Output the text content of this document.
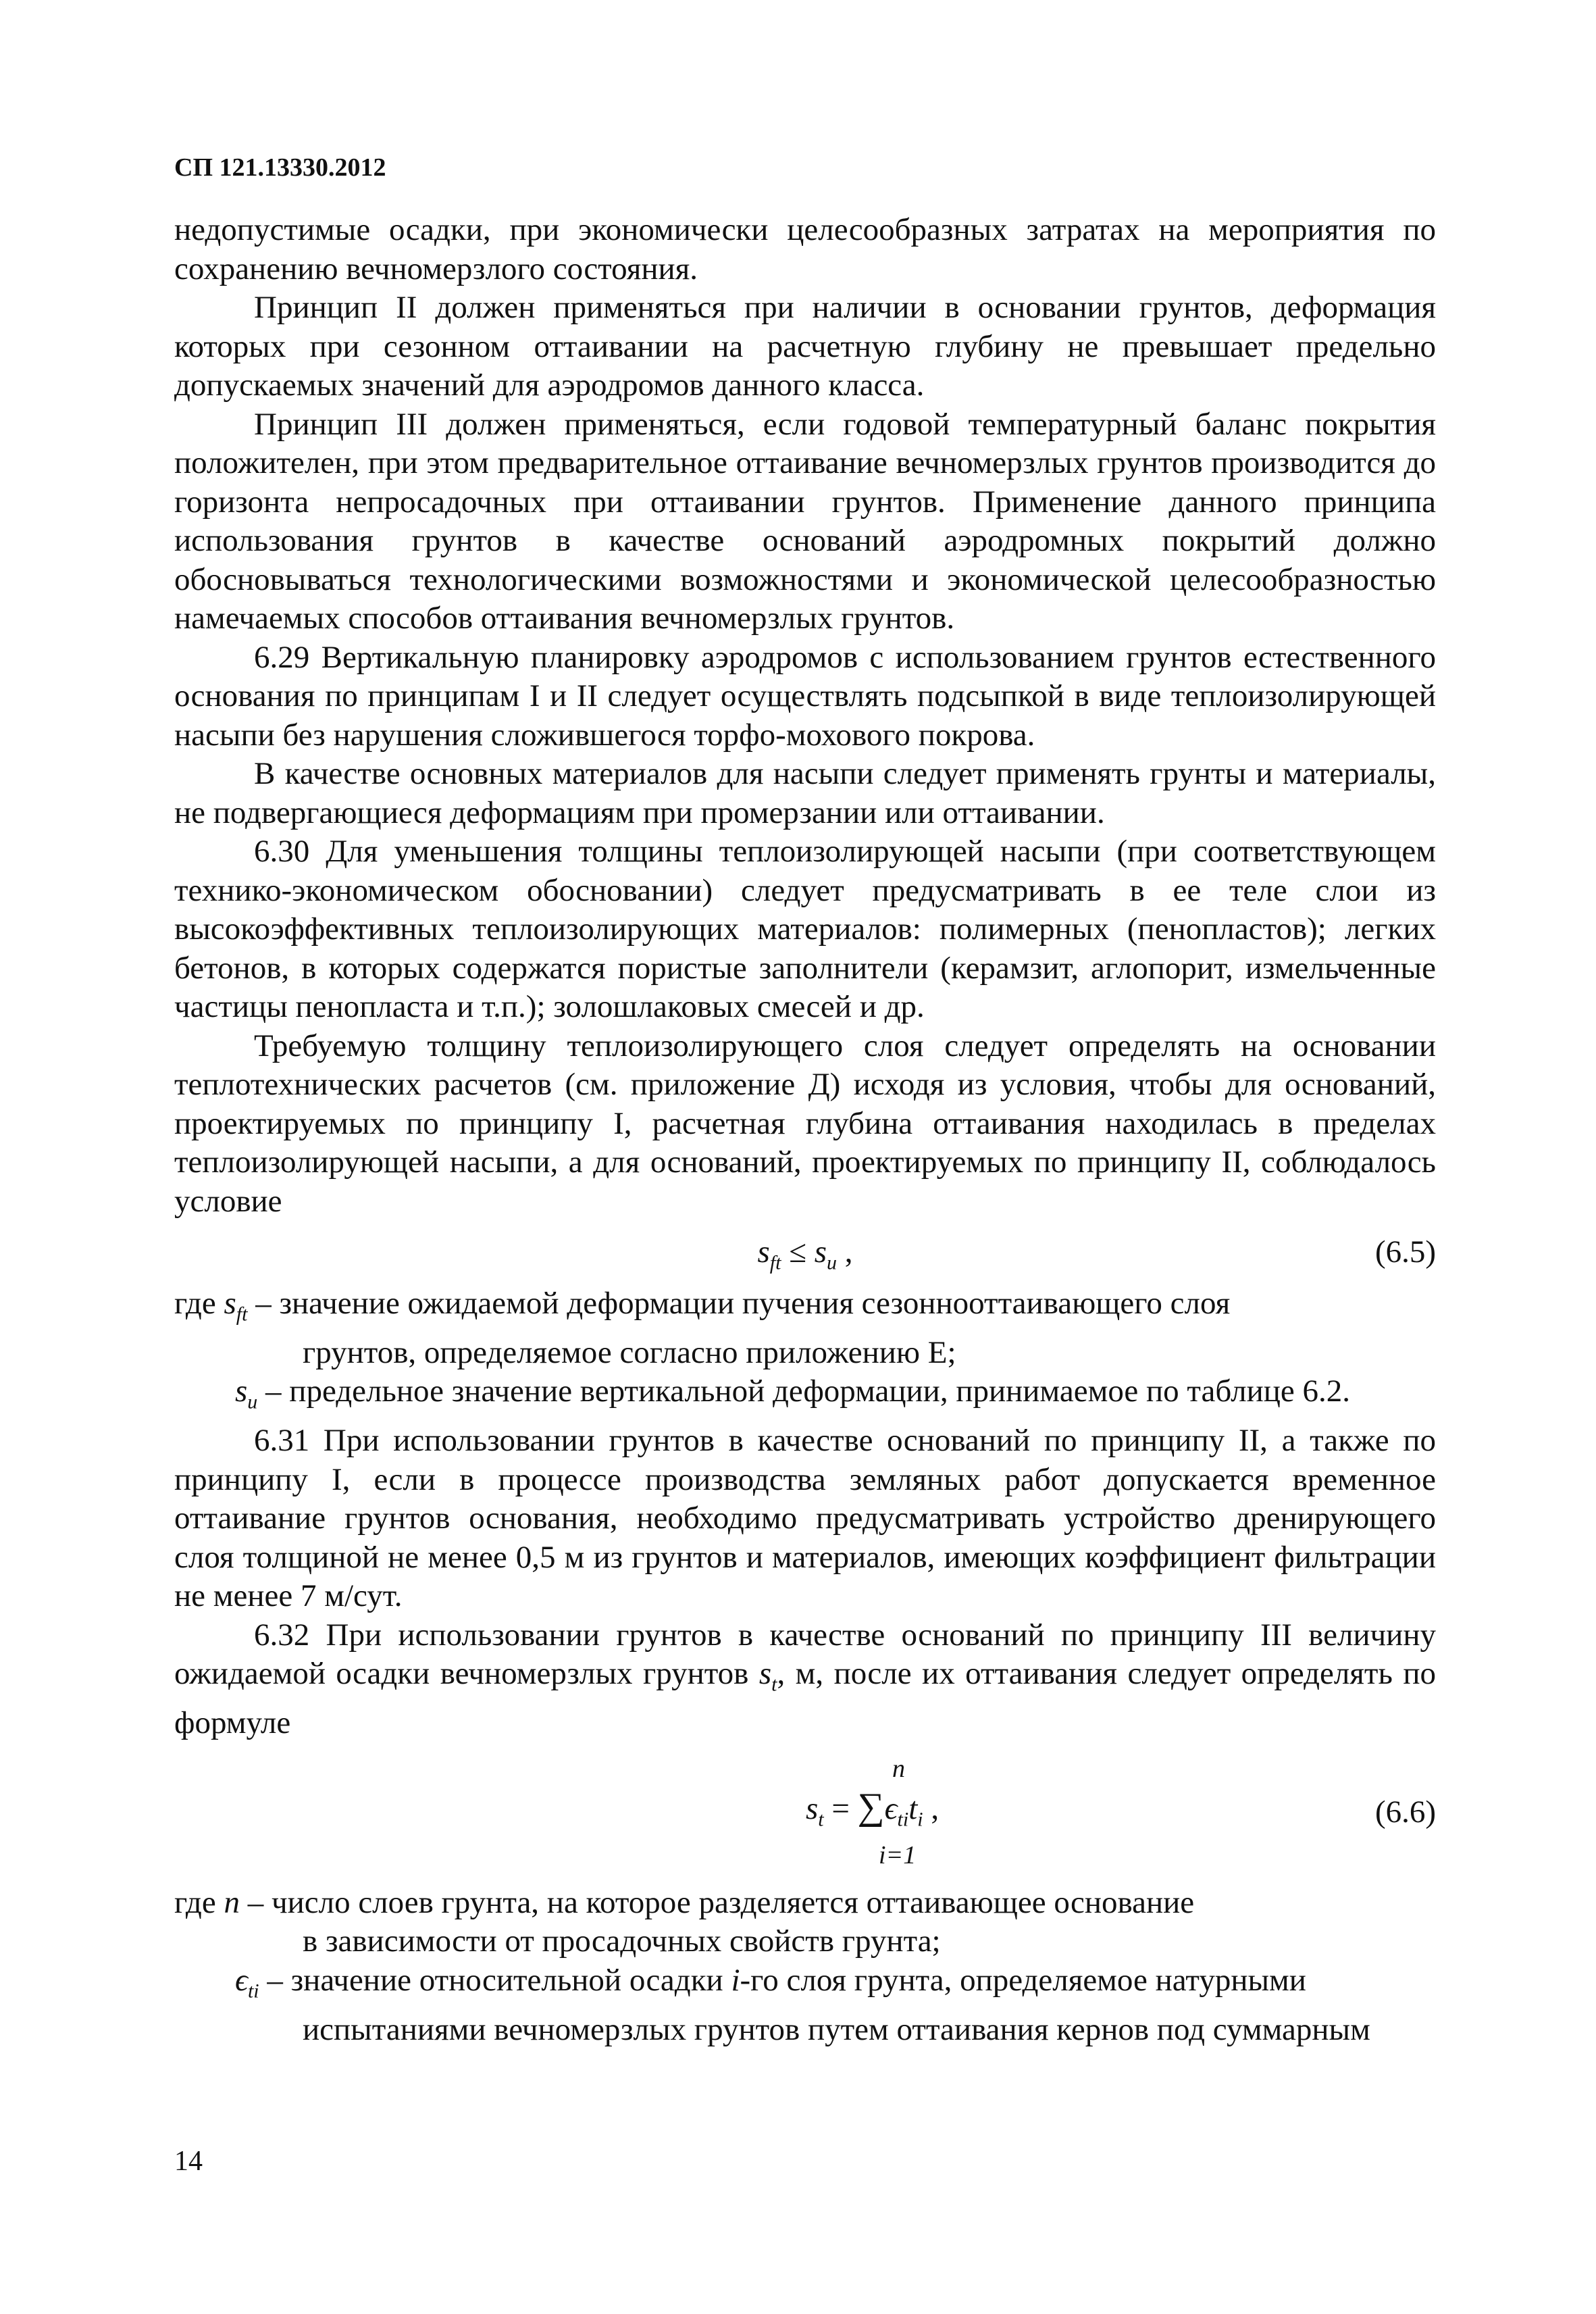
СП 121.13330.2012

недопустимые осадки, при экономически целесообразных затратах на мероприятия по сохранению вечномерзлого состояния.

Принцип II должен применяться при наличии в основании грунтов, деформация которых при сезонном оттаивании на расчетную глубину не превышает предельно допускаемых значений для аэродромов данного класса.

Принцип III должен применяться, если годовой температурный баланс покрытия положителен, при этом предварительное оттаивание вечномерзлых грунтов производится до горизонта непросадочных при оттаивании грунтов. Применение данного принципа использования грунтов в качестве оснований аэродромных покрытий должно обосновываться технологическими возможностями и экономической целесообразностью намечаемых способов оттаивания вечномерзлых грунтов.

6.29 Вертикальную планировку аэродромов с использованием грунтов естественного основания по принципам I и II следует осуществлять подсыпкой в виде теплоизолирующей насыпи без нарушения сложившегося торфо-мохового покрова.

В качестве основных материалов для насыпи следует применять грунты и материалы, не подвергающиеся деформациям при промерзании или оттаивании.

6.30 Для уменьшения толщины теплоизолирующей насыпи (при соответствующем технико-экономическом обосновании) следует предусматривать в ее теле слои из высокоэффективных теплоизолирующих материалов: полимерных (пенопластов); легких бетонов, в которых содержатся пористые заполнители (керамзит, аглопорит, измельченные частицы пенопласта и т.п.); золошлаковых смесей и др.

Требуемую толщину теплоизолирующего слоя следует определять на основании теплотехнических расчетов (см. приложение Д) исходя из условия, чтобы для оснований, проектируемых по принципу I, расчетная глубина оттаивания находилась в пределах теплоизолирующей насыпи, а для оснований, проектируемых по принципу II, соблюдалось условие

$s_{ft} \le s_u$ ,	(6.5)

где $s_{ft}$ – значение ожидаемой деформации пучения сезоннооттаивающего слоя

грунтов, определяемое согласно приложению Е;

$s_u$ – предельное значение вертикальной деформации, принимаемое по таблице 6.2.

6.31 При использовании грунтов в качестве оснований по принципу II, а также по принципу I, если в процессе производства земляных работ допускается временное оттаивание грунтов основания, необходимо предусматривать устройство дренирующего слоя толщиной не менее 0,5 м из грунтов и материалов, имеющих коэффициент фильтрации не менее 7 м/сут.

6.32 При использовании грунтов в качестве оснований по принципу III величину ожидаемой осадки вечномерзлых грунтов $s_t$, м, после их оттаивания следует определять по формуле

n
$s_t = \sum\epsilon_{ti}t_i$ ,
i=1
(6.6)

где n – число слоев грунта, на которое разделяется оттаивающее основание

в зависимости от просадочных свойств грунта;

$\epsilon_{ti}$ – значение относительной осадки i-го слоя грунта, определяемое натурными

испытаниями вечномерзлых грунтов путем оттаивания кернов под суммарным

14
